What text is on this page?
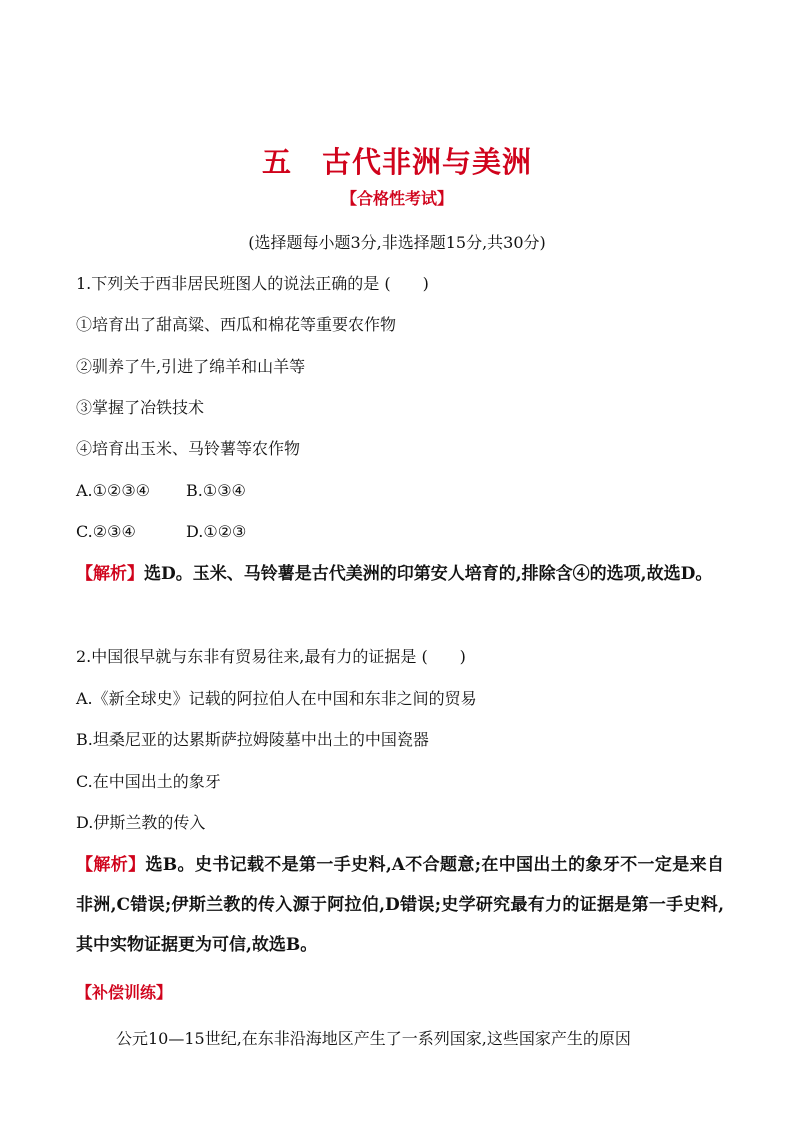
五 古代非洲与美洲
【合格性考试】
(选择题每小题3分,非选择题15分,共30分)
1.下列关于西非居民班图人的说法正确的是 (　　)
①培育出了甜高粱、西瓜和棉花等重要农作物
②驯养了牛,引进了绵羊和山羊等
③掌握了冶铁技术
④培育出玉米、马铃薯等农作物
A.①②③④ B.①③④
C.②③④	D.①②③
【解析】选D。玉米、马铃薯是古代美洲的印第安人培育的,排除含④的选项,故选D。
2.中国很早就与东非有贸易往来,最有力的证据是 (　　)
A.《新全球史》记载的阿拉伯人在中国和东非之间的贸易
B.坦桑尼亚的达累斯萨拉姆陵墓中出土的中国瓷器
C.在中国出土的象牙
D.伊斯兰教的传入
【解析】选B。史书记载不是第一手史料,A不合题意;在中国出土的象牙不一定是来自非洲,C错误;伊斯兰教的传入源于阿拉伯,D错误;史学研究最有力的证据是第一手史料,其中实物证据更为可信,故选B。
【补偿训练】
公元10—15世纪,在东非沿海地区产生了一系列国家,这些国家产生的原因
